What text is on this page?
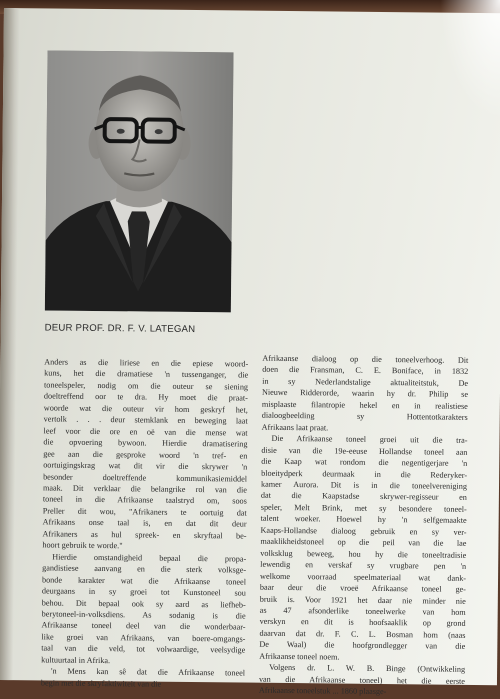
DEUR PROF. DR. F. V. LATEGAN

Anders as die liriese en die epiese woord-
kuns, het die dramatiese 'n tussenganger, die
toneelspeler, nodig om die outeur se siening
doeltreffend oor te dra. Hy moet die praat-
woorde wat die outeur vir hom geskryf het,
vertolk . . . deur stemklank en beweging laat
leef voor die ore en oë van die mense wat
die opvoering bywoon. Hierdie dramatisering
gee aan die gesproke woord 'n tref- en
oortuigingskrag wat dit vir die skrywer 'n
besonder doeltreffende kommunikasiemiddel
maak. Dit verklaar die belangrike rol van die
toneel in die Afrikaanse taalstryd om, soos
Preller dit wou, "Afrikaners te oortuig dat
Afrikaans onse taal is, en dat dit deur
Afrikaners as hul spreek- en skryftaal be-
hoort gebruik te worde."

Hierdie omstandigheid bepaal die propa-
gandistiese aanvang en die sterk volksge-
bonde karakter wat die Afrikaanse toneel
deurgaans in sy groei tot Kunstoneel sou
behou. Dit bepaal ook sy aard as liefheb-
berytoneel-in-volksdiens. As sodanig is die
Afrikaanse toneel deel van die wonderbaar-
like groei van Afrikaans, van boere-omgangs-
taal van die veld, tot volwaardige, veelsydige
kultuurtaal in Afrika.

'n Mens kan sê dat die Afrikaanse toneel
begin met die skryfaktiwiteit van die

Afrikaanse dialoog op die toneelverhoog. Dit
doen die Fransman, C. E. Boniface, in 1832
in sy Nederlandstalige aktualiteitstuk, De
Nieuwe Ridderorde, waarin hy dr. Philip se
misplaaste filantropie hekel en in realistiese
dialoogbeelding sy Hottentotkarakters
Afrikaans laat praat.

Die Afrikaanse toneel groei uit die tra-
disie van die 19e-eeuse Hollandse toneel aan
die Kaap wat rondom die negentigerjare 'n
bloeitydperk deurmaak in die Rederyker-
kamer Aurora. Dit is in die toneelvereniging
dat die Kaapstadse skrywer-regisseur en
speler, Melt Brink, met sy besondere toneel-
talent woeker. Hoewel hy 'n selfgemaakte
Kaaps-Hollandse dialoog gebruik en sy ver-
maaklikheidstoneel op die peil van die lae
volksklug beweeg, hou hy die toneeltradisie
lewendig en verskaf sy vrugbare pen 'n
welkome voorraad speelmateriaal wat dank-
baar deur die vroeë Afrikaanse toneel ge-
bruik is. Voor 1921 het daar nie minder nie
as 47 afsonderlike toneelwerke van hom
verskyn en dit is hoofsaaklik op grond
daarvan dat dr. F. C. L. Bosman hom (naas
De Waal) die hoofgrondlegger van die
Afrikaanse toneel noem.

Volgens dr. L. W. B. Binge (Ontwikkeling
van die Afrikaanse toneel) het die eerste
Afrikaanse toneelstuk ... 1860 plaasge-
